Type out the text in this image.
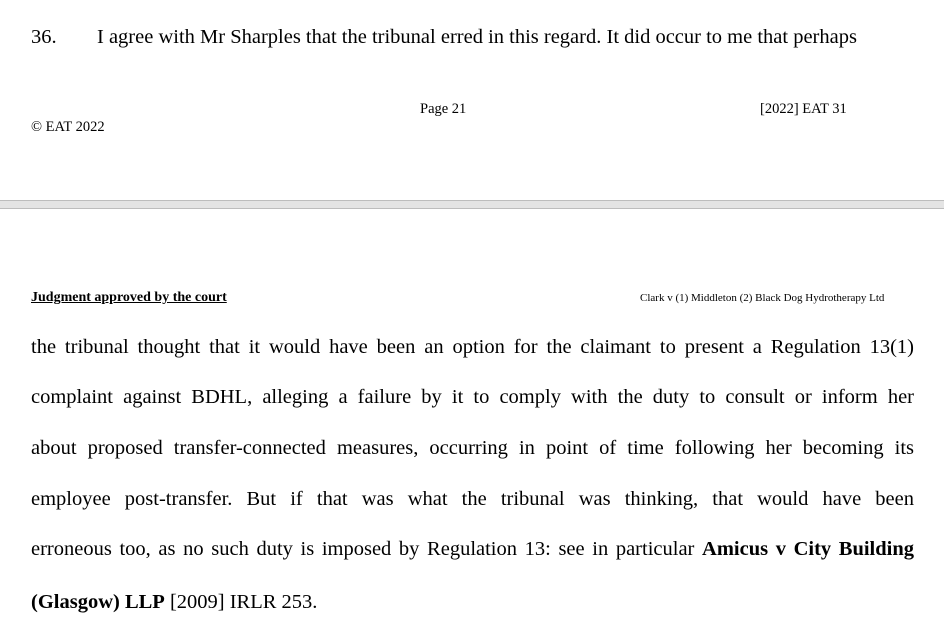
36. I agree with Mr Sharples that the tribunal erred in this regard. It did occur to me that perhaps
© EAT 2022
Page 21	[2022] EAT 31
Judgment approved by the court	Clark v (1) Middleton (2) Black Dog Hydrotherapy Ltd
the tribunal thought that it would have been an option for the claimant to present a Regulation 13(1)
complaint against BDHL, alleging a failure by it to comply with the duty to consult or inform her
about proposed transfer-connected measures, occurring in point of time following her becoming its
employee post-transfer. But if that was what the tribunal was thinking, that would have been
erroneous too, as no such duty is imposed by Regulation 13: see in particular Amicus v City Building
(Glasgow) LLP [2009] IRLR 253.
